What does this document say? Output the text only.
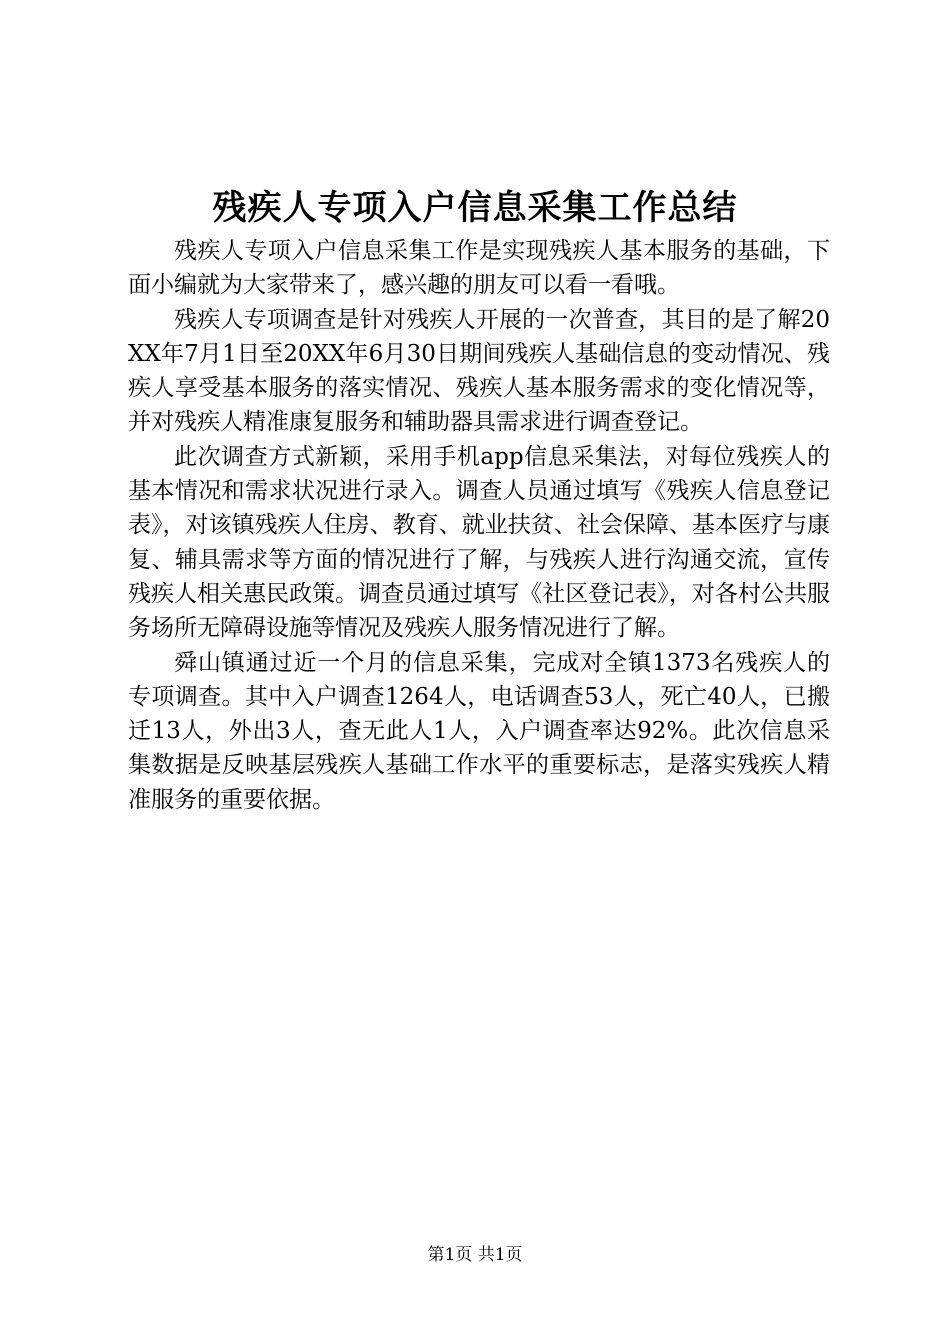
残疾人专项入户信息采集工作总结

残疾人专项入户信息采集工作是实现残疾人基本服务的基础，下面小编就为大家带来了，感兴趣的朋友可以看一看哦。

残疾人专项调查是针对残疾人开展的一次普查，其目的是了解20XX年7月1日至20XX年6月30日期间残疾人基础信息的变动情况、残疾人享受基本服务的落实情况、残疾人基本服务需求的变化情况等，并对残疾人精准康复服务和辅助器具需求进行调查登记。

此次调查方式新颖，采用手机app信息采集法，对每位残疾人的基本情况和需求状况进行录入。调查人员通过填写《残疾人信息登记表》，对该镇残疾人住房、教育、就业扶贫、社会保障、基本医疗与康复、辅具需求等方面的情况进行了解，与残疾人进行沟通交流，宣传残疾人相关惠民政策。调查员通过填写《社区登记表》，对各村公共服务场所无障碍设施等情况及残疾人服务情况进行了解。

舜山镇通过近一个月的信息采集，完成对全镇1373名残疾人的专项调查。其中入户调查1264人，电话调查53人，死亡40人，已搬迁13人，外出3人，查无此人1人，入户调查率达92%。此次信息采集数据是反映基层残疾人基础工作水平的重要标志，是落实残疾人精准服务的重要依据。

第1页 共1页
